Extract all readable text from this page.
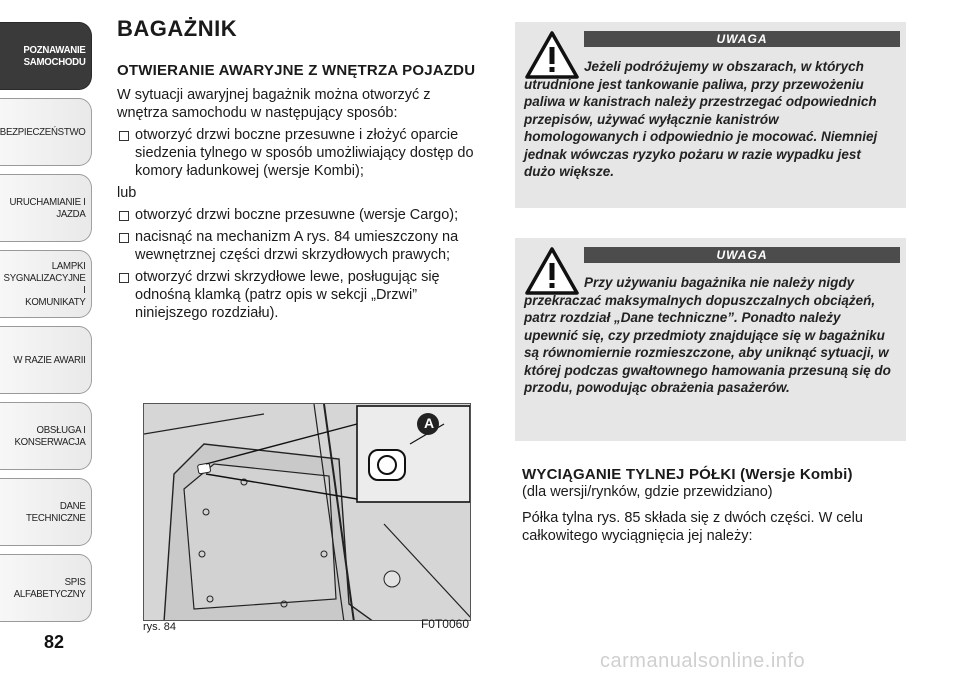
POZNAWANIE
SAMOCHODU
BEZPIECZEŃSTWO
URUCHAMIANIE I
JAZDA
LAMPKI
SYGNALIZACYJNE I
KOMUNIKATY
W RAZIE AWARII
OBSŁUGA I
KONSERWACJA
DANE TECHNICZNE
SPIS ALFABETYCZNY
82
BAGAŻNIK
OTWIERANIE AWARYJNE Z WNĘTRZA POJAZDU
W sytuacji awaryjnej bagażnik można otworzyć z wnętrza samochodu w następujący sposób:
otworzyć drzwi boczne przesuwne i złożyć oparcie siedzenia tylnego w sposób umożliwiający dostęp do komory ładunkowej (wersje Kombi);
lub
otworzyć drzwi boczne przesuwne (wersje Cargo);
nacisnąć na mechanizm A rys. 84 umieszczony na wewnętrznej części drzwi skrzydłowych prawych;
otworzyć drzwi skrzydłowe lewe, posługując się odnośną klamką (patrz opis w sekcji „Drzwi” niniejszego rozdziału).
A
rys. 84	F0T0060
UWAGA
Jeżeli podróżujemy w obszarach, w których utrudnione jest tankowanie paliwa, przy przewożeniu paliwa w kanistrach należy przestrzegać odpowiednich przepisów, używać wyłącznie kanistrów homologowanych i odpowiednio je mocować. Niemniej jednak wówczas ryzyko pożaru w razie wypadku jest dużo większe.
UWAGA
Przy używaniu bagażnika nie należy nigdy przekraczać maksymalnych dopuszczalnych obciążeń, patrz rozdział „Dane techniczne”. Ponadto należy upewnić się, czy przedmioty znajdujące się w bagażniku są równomiernie rozmieszczone, aby uniknąć sytuacji, w której podczas gwałtownego hamowania przesuną się do przodu, powodując obrażenia pasażerów.
WYCIĄGANIE TYLNEJ PÓŁKI (Wersje Kombi)
(dla wersji/rynków, gdzie przewidziano)
Półka tylna rys. 85 składa się z dwóch części. W celu całkowitego wyciągnięcia jej należy:
carmanualsonline.info
